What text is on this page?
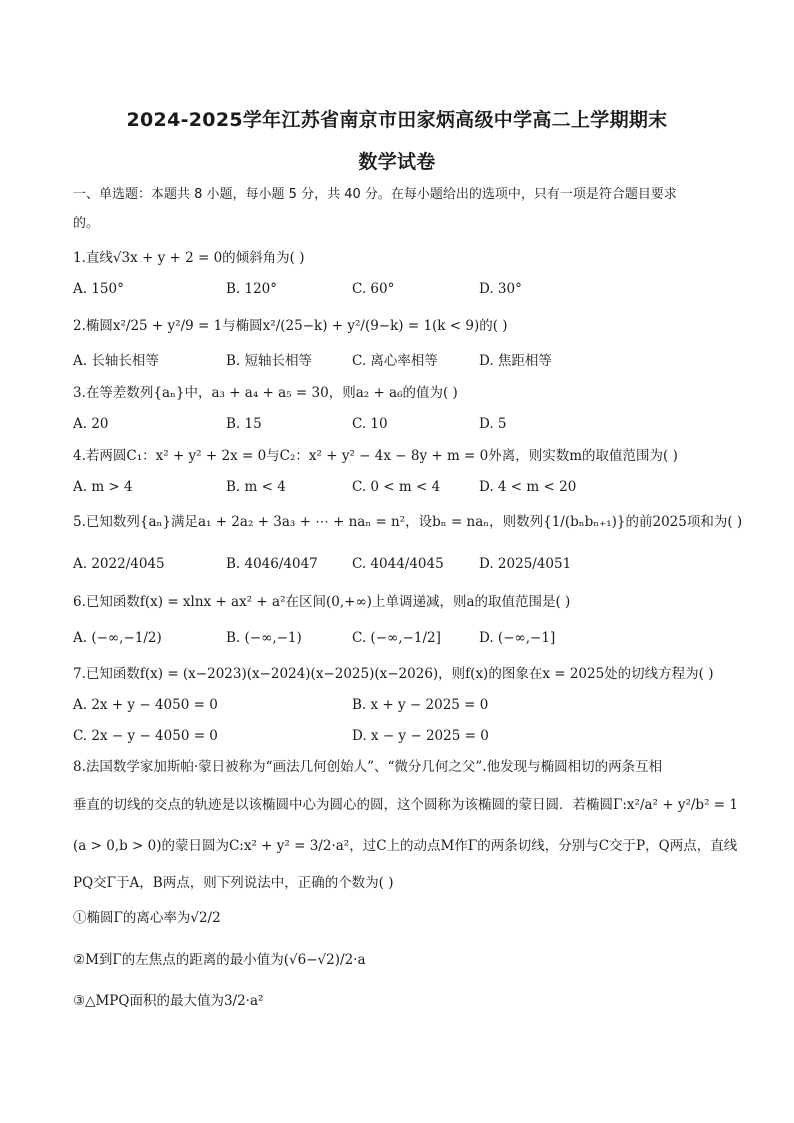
2024-2025学年江苏省南京市田家炳高级中学高二上学期期末
数学试卷
一、单选题：本题共 8 小题，每小题 5 分，共 40 分。在每小题给出的选项中，只有一项是符合题目要求
的。
1.直线√3x + y + 2 = 0的倾斜角为( )
A. 150°	B. 120°	C. 60°	D. 30°
2.椭圆x²/25 + y²/9 = 1与椭圆x²/(25−k) + y²/(9−k) = 1(k < 9)的( )
A. 长轴长相等	B. 短轴长相等	C. 离心率相等	D. 焦距相等
3.在等差数列{aₙ}中，a₃ + a₄ + a₅ = 30，则a₂ + a₆的值为( )
A. 20	B. 15	C. 10	D. 5
4.若两圆C₁：x² + y² + 2x = 0与C₂：x² + y² − 4x − 8y + m = 0外离，则实数m的取值范围为( )
A. m > 4	B. m < 4	C. 0 < m < 4	D. 4 < m < 20
5.已知数列{aₙ}满足a₁ + 2a₂ + 3a₃ + ⋯ + naₙ = n²，设bₙ = naₙ，则数列{1/(bₙbₙ₊₁)}的前2025项和为( )
A. 2022/4045	B. 4046/4047	C. 4044/4045	D. 2025/4051
6.已知函数f(x) = xlnx + ax² + a²在区间(0,+∞)上单调递减，则a的取值范围是( )
A. (−∞,−1/2)	B. (−∞,−1)	C. (−∞,−1/2]	D. (−∞,−1]
7.已知函数f(x) = (x−2023)(x−2024)(x−2025)(x−2026)，则f(x)的图象在x = 2025处的切线方程为( )
A. 2x + y − 4050 = 0	B. x + y − 2025 = 0
C. 2x − y − 4050 = 0	D. x − y − 2025 = 0
8.法国数学家加斯帕·蒙日被称为“画法几何创始人”、“微分几何之父”.他发现与椭圆相切的两条互相
垂直的切线的交点的轨迹是以该椭圆中心为圆心的圆，这个圆称为该椭圆的蒙日圆．若椭圆Γ:x²/a² + y²/b² = 1
(a > 0,b > 0)的蒙日圆为C:x² + y² = 3/2·a²，过C上的动点M作Γ的两条切线，分别与C交于P，Q两点，直线
PQ交Γ于A，B两点，则下列说法中，正确的个数为( )
①椭圆Γ的离心率为√2/2
②M到Γ的左焦点的距离的最小值为(√6−√2)/2·a
③△MPQ面积的最大值为3/2·a²
